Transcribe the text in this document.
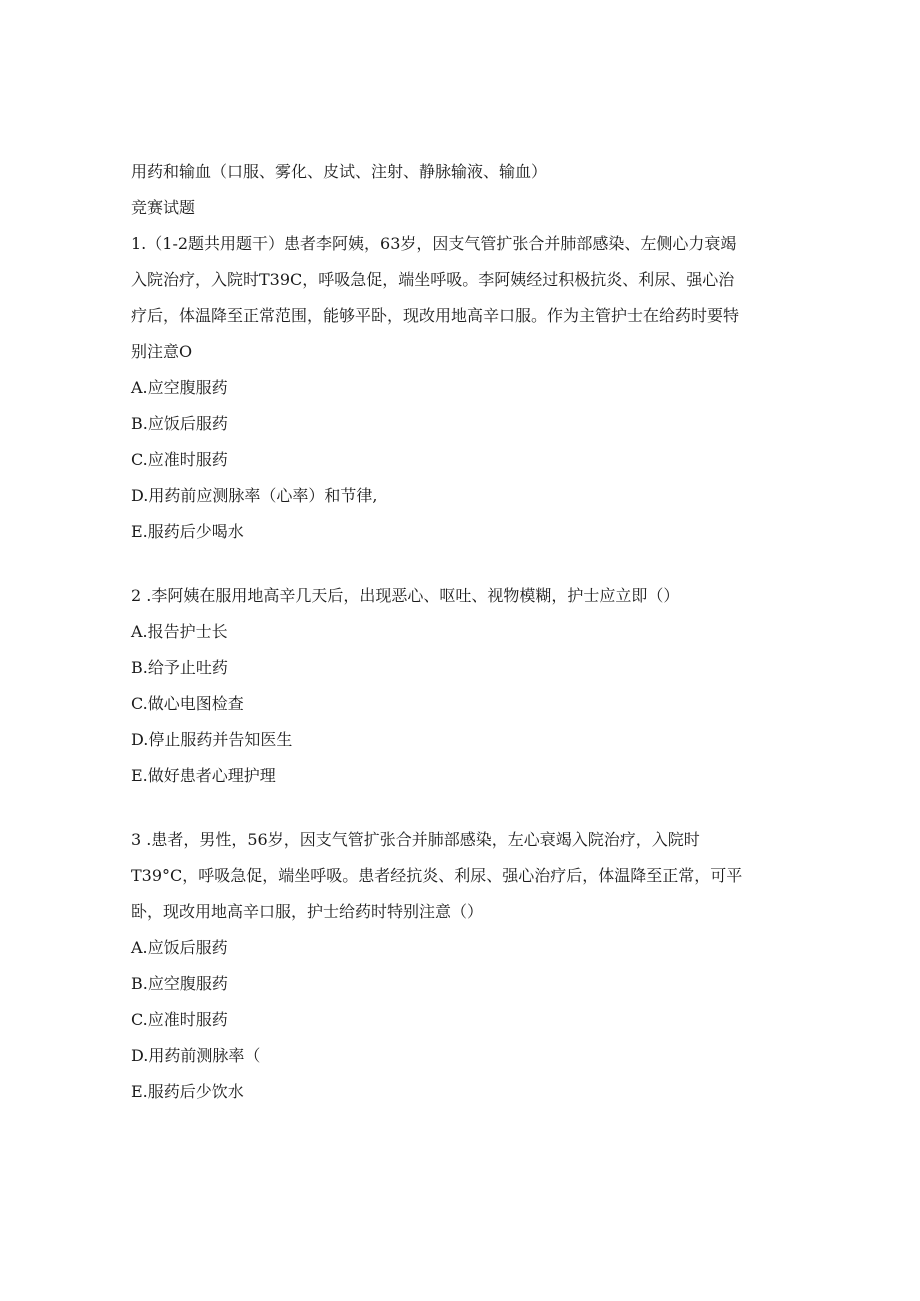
用药和输血（口服、雾化、皮试、注射、静脉输液、输血）
竞赛试题
1.（1-2题共用题干）患者李阿姨，63岁，因支气管扩张合并肺部感染、左侧心力衰竭
入院治疗，入院时T39C，呼吸急促，端坐呼吸。李阿姨经过积极抗炎、利尿、强心治
疗后，体温降至正常范围，能够平卧，现改用地高辛口服。作为主管护士在给药时要特
别注意O
A.应空腹服药
B.应饭后服药
C.应准时服药
D.用药前应测脉率（心率）和节律,
E.服药后少喝水
2 .李阿姨在服用地高辛几天后，出现恶心、呕吐、视物模糊，护士应立即（）
A.报告护士长
B.给予止吐药
C.做心电图检查
D.停止服药并告知医生
E.做好患者心理护理
3 .患者，男性，56岁，因支气管扩张合并肺部感染，左心衰竭入院治疗，入院时
T39°C，呼吸急促，端坐呼吸。患者经抗炎、利尿、强心治疗后，体温降至正常，可平
卧，现改用地高辛口服，护士给药时特别注意（）
A.应饭后服药
B.应空腹服药
C.应准时服药
D.用药前测脉率（
E.服药后少饮水
